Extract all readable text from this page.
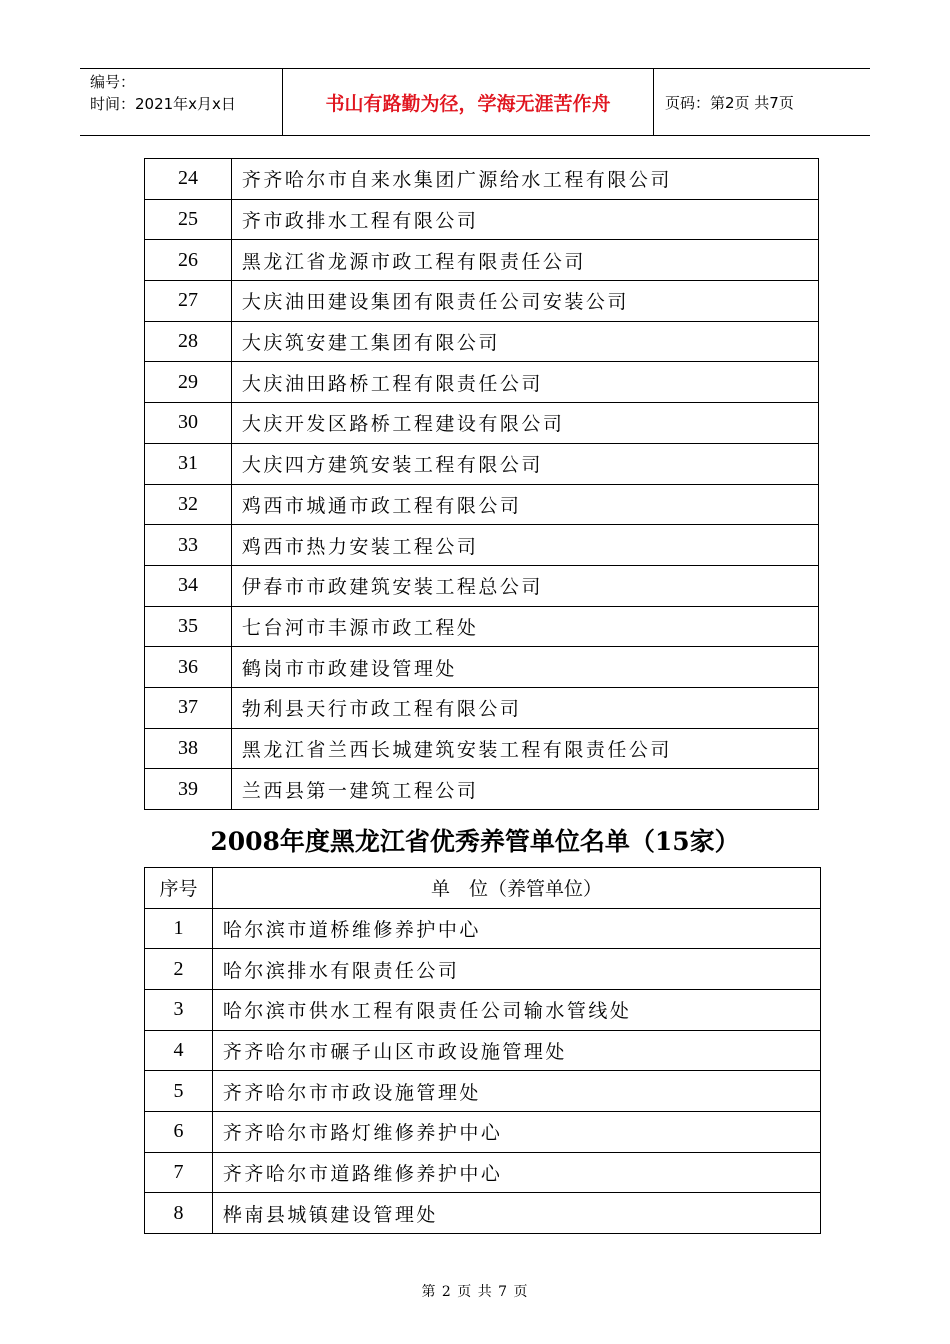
编号：
时间：2021年x月x日	书山有路勤为径，学海无涯苦作舟	页码：第2页 共7页
24	齐齐哈尔市自来水集团广源给水工程有限公司
25	齐市政排水工程有限公司
26	黑龙江省龙源市政工程有限责任公司
27	大庆油田建设集团有限责任公司安装公司
28	大庆筑安建工集团有限公司
29	大庆油田路桥工程有限责任公司
30	大庆开发区路桥工程建设有限公司
31	大庆四方建筑安装工程有限公司
32	鸡西市城通市政工程有限公司
33	鸡西市热力安装工程公司
34	伊春市市政建筑安装工程总公司
35	七台河市丰源市政工程处
36	鹤岗市市政建设管理处
37	勃利县天行市政工程有限公司
38	黑龙江省兰西长城建筑安装工程有限责任公司
39	兰西县第一建筑工程公司
2008年度黑龙江省优秀养管单位名单（15家）
序号	单　位（养管单位）
1	哈尔滨市道桥维修养护中心
2	哈尔滨排水有限责任公司
3	哈尔滨市供水工程有限责任公司输水管线处
4	齐齐哈尔市碾子山区市政设施管理处
5	齐齐哈尔市市政设施管理处
6	齐齐哈尔市路灯维修养护中心
7	齐齐哈尔市道路维修养护中心
8	桦南县城镇建设管理处
第 2 页 共 7 页
